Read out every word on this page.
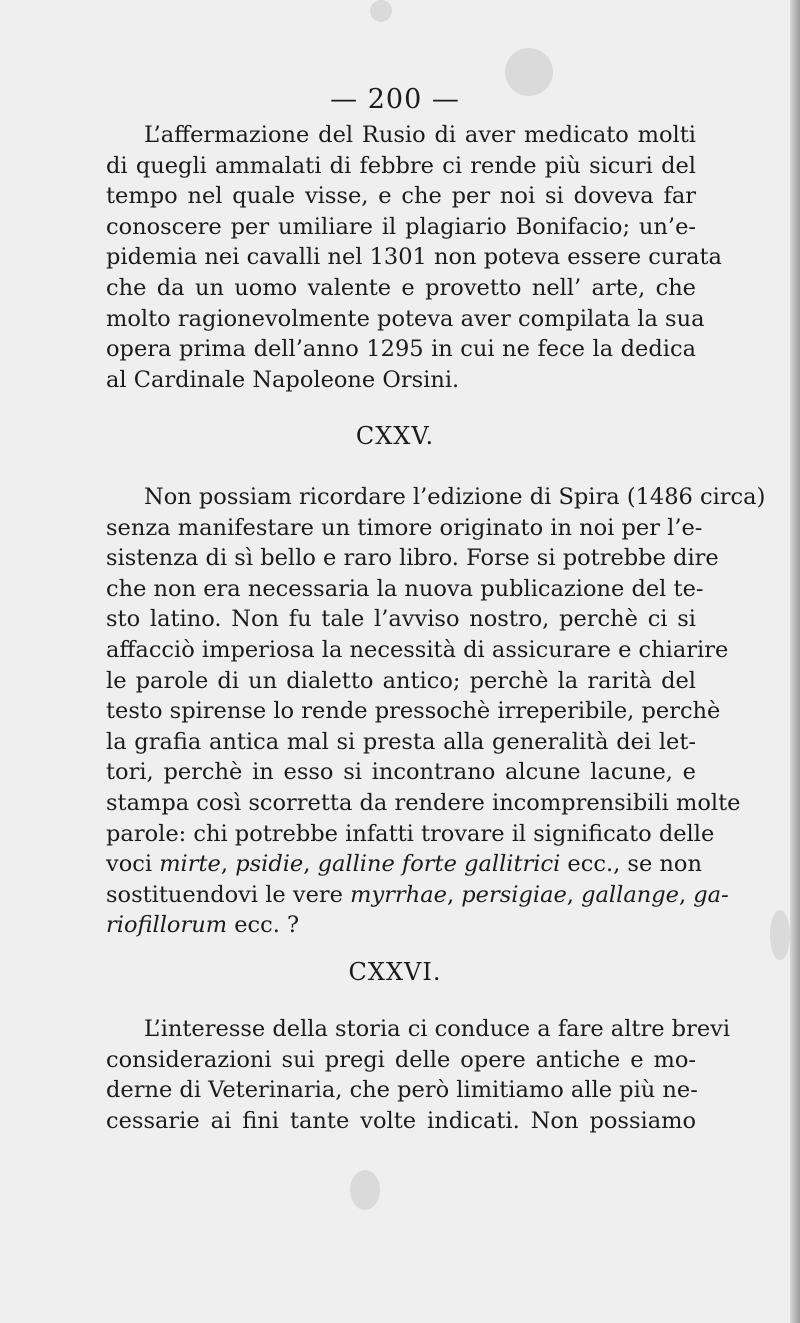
— 200 —
L’affermazione del Rusio di aver medicato molti
di quegli ammalati di febbre ci rende più sicuri del
tempo nel quale visse, e che per noi si doveva far
conoscere per umiliare il plagiario Bonifacio; un’e-
pidemia nei cavalli nel 1301 non poteva essere curata
che da un uomo valente e provetto nell’ arte, che
molto ragionevolmente poteva aver compilata la sua
opera prima dell’anno 1295 in cui ne fece la dedica
al Cardinale Napoleone Orsini.
CXXV.
Non possiam ricordare l’edizione di Spira (1486 circa)
senza manifestare un timore originato in noi per l’e-
sistenza di sì bello e raro libro. Forse si potrebbe dire
che non era necessaria la nuova publicazione del te-
sto latino. Non fu tale l’avviso nostro, perchè ci si
affacciò imperiosa la necessità di assicurare e chiarire
le parole di un dialetto antico; perchè la rarità del
testo spirense lo rende pressochè irreperibile, perchè
la grafia antica mal si presta alla generalità dei let-
tori, perchè in esso si incontrano alcune lacune, e
stampa così scorretta da rendere incomprensibili molte
parole: chi potrebbe infatti trovare il significato delle
voci mirte, psidie, galline forte gallitrici ecc., se non
sostituendovi le vere myrrhae, persigiae, gallange, ga-
riofillorum ecc. ?
CXXVI.
L’interesse della storia ci conduce a fare altre brevi
considerazioni sui pregi delle opere antiche e mo-
derne di Veterinaria, che però limitiamo alle più ne-
cessarie ai fini tante volte indicati. Non possiamo
